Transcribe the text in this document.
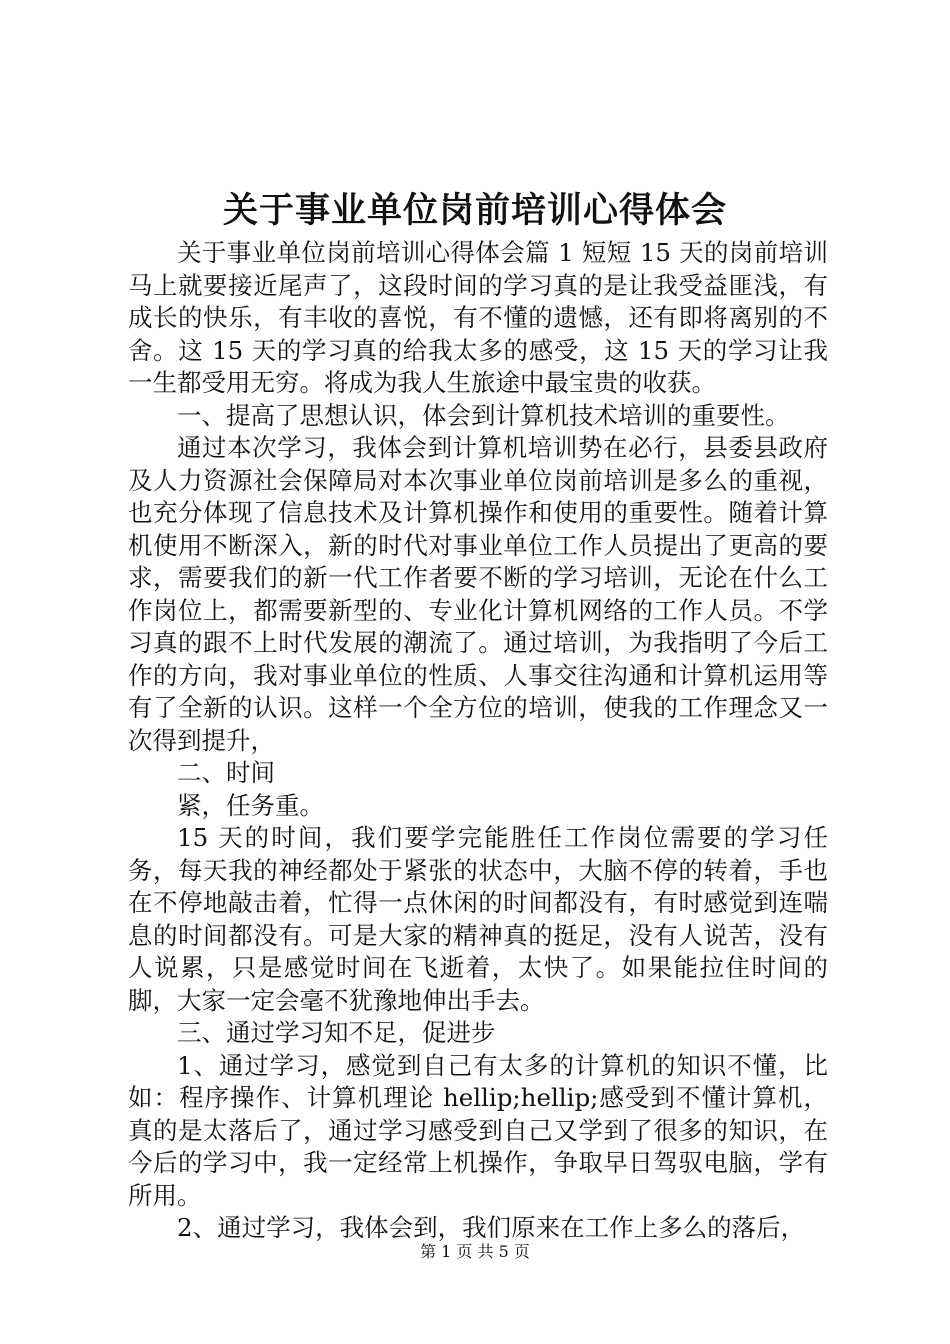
关于事业单位岗前培训心得体会

关于事业单位岗前培训心得体会篇 1 短短 15 天的岗前培训马上就要接近尾声了，这段时间的学习真的是让我受益匪浅，有成长的快乐，有丰收的喜悦，有不懂的遗憾，还有即将离别的不舍。这 15 天的学习真的给我太多的感受，这 15 天的学习让我一生都受用无穷。将成为我人生旅途中最宝贵的收获。

一、提高了思想认识，体会到计算机技术培训的重要性。

通过本次学习，我体会到计算机培训势在必行，县委县政府及人力资源社会保障局对本次事业单位岗前培训是多么的重视，也充分体现了信息技术及计算机操作和使用的重要性。随着计算机使用不断深入，新的时代对事业单位工作人员提出了更高的要求，需要我们的新一代工作者要不断的学习培训，无论在什么工作岗位上，都需要新型的、专业化计算机网络的工作人员。不学习真的跟不上时代发展的潮流了。通过培训，为我指明了今后工作的方向，我对事业单位的性质、人事交往沟通和计算机运用等有了全新的认识。这样一个全方位的培训，使我的工作理念又一次得到提升，

二、时间

紧，任务重。

15 天的时间，我们要学完能胜任工作岗位需要的学习任务，每天我的神经都处于紧张的状态中，大脑不停的转着，手也在不停地敲击着，忙得一点休闲的时间都没有，有时感觉到连喘息的时间都没有。可是大家的精神真的挺足，没有人说苦，没有人说累，只是感觉时间在飞逝着，太快了。如果能拉住时间的脚，大家一定会毫不犹豫地伸出手去。

三、通过学习知不足，促进步

1、通过学习，感觉到自己有太多的计算机的知识不懂，比如：程序操作、计算机理论 hellip;hellip;感受到不懂计算机，真的是太落后了，通过学习感受到自己又学到了很多的知识，在今后的学习中，我一定经常上机操作，争取早日驾驭电脑，学有所用。

2、通过学习，我体会到，我们原来在工作上多么的落后，

第 1 页 共 5 页
